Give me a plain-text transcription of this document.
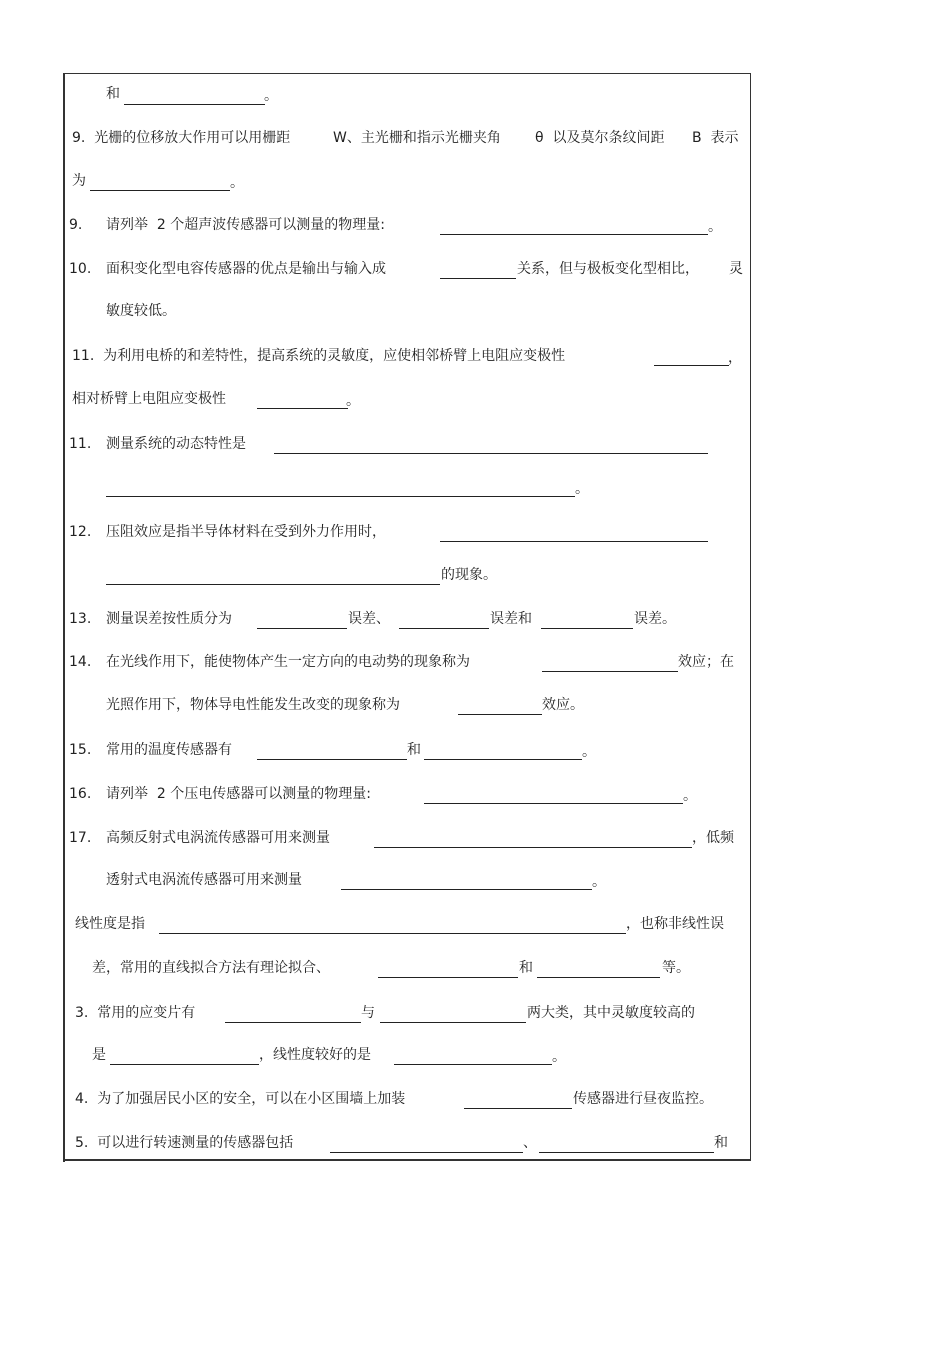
和	。
9.  光栅的位移放大作用可以用栅距	W、主光栅和指示光栅夹角 θ  以及莫尔条纹间距 B  表示
为	。
9. 请列举  2 个超声波传感器可以测量的物理量:	。
10. 面积变化型电容传感器的优点是输出与输入成	关系，但与极板变化型相比， 灵
敏度较低。
11.  为利用电桥的和差特性，提高系统的灵敏度，应使相邻桥臂上电阻应变极性	，
相对桥臂上电阻应变极性	。
11. 测量系统的动态特性是
。
12. 压阻效应是指半导体材料在受到外力作用时，
的现象。
13. 测量误差按性质分为	误差、	误差和	误差。
14. 在光线作用下，能使物体产生一定方向的电动势的现象称为	效应；在
光照作用下，物体导电性能发生改变的现象称为	效应。
15. 常用的温度传感器有	和	。
16. 请列举  2 个压电传感器可以测量的物理量:	。
17. 高频反射式电涡流传感器可用来测量	，低频
透射式电涡流传感器可用来测量	。
线性度是指	，也称非线性误
差，常用的直线拟合方法有理论拟合、	和	等。
3.  常用的应变片有	与	两大类，其中灵敏度较高的
是	，线性度较好的是	。
4.  为了加强居民小区的安全，可以在小区围墙上加装	传感器进行昼夜监控。
5.  可以进行转速测量的传感器包括	、	和
